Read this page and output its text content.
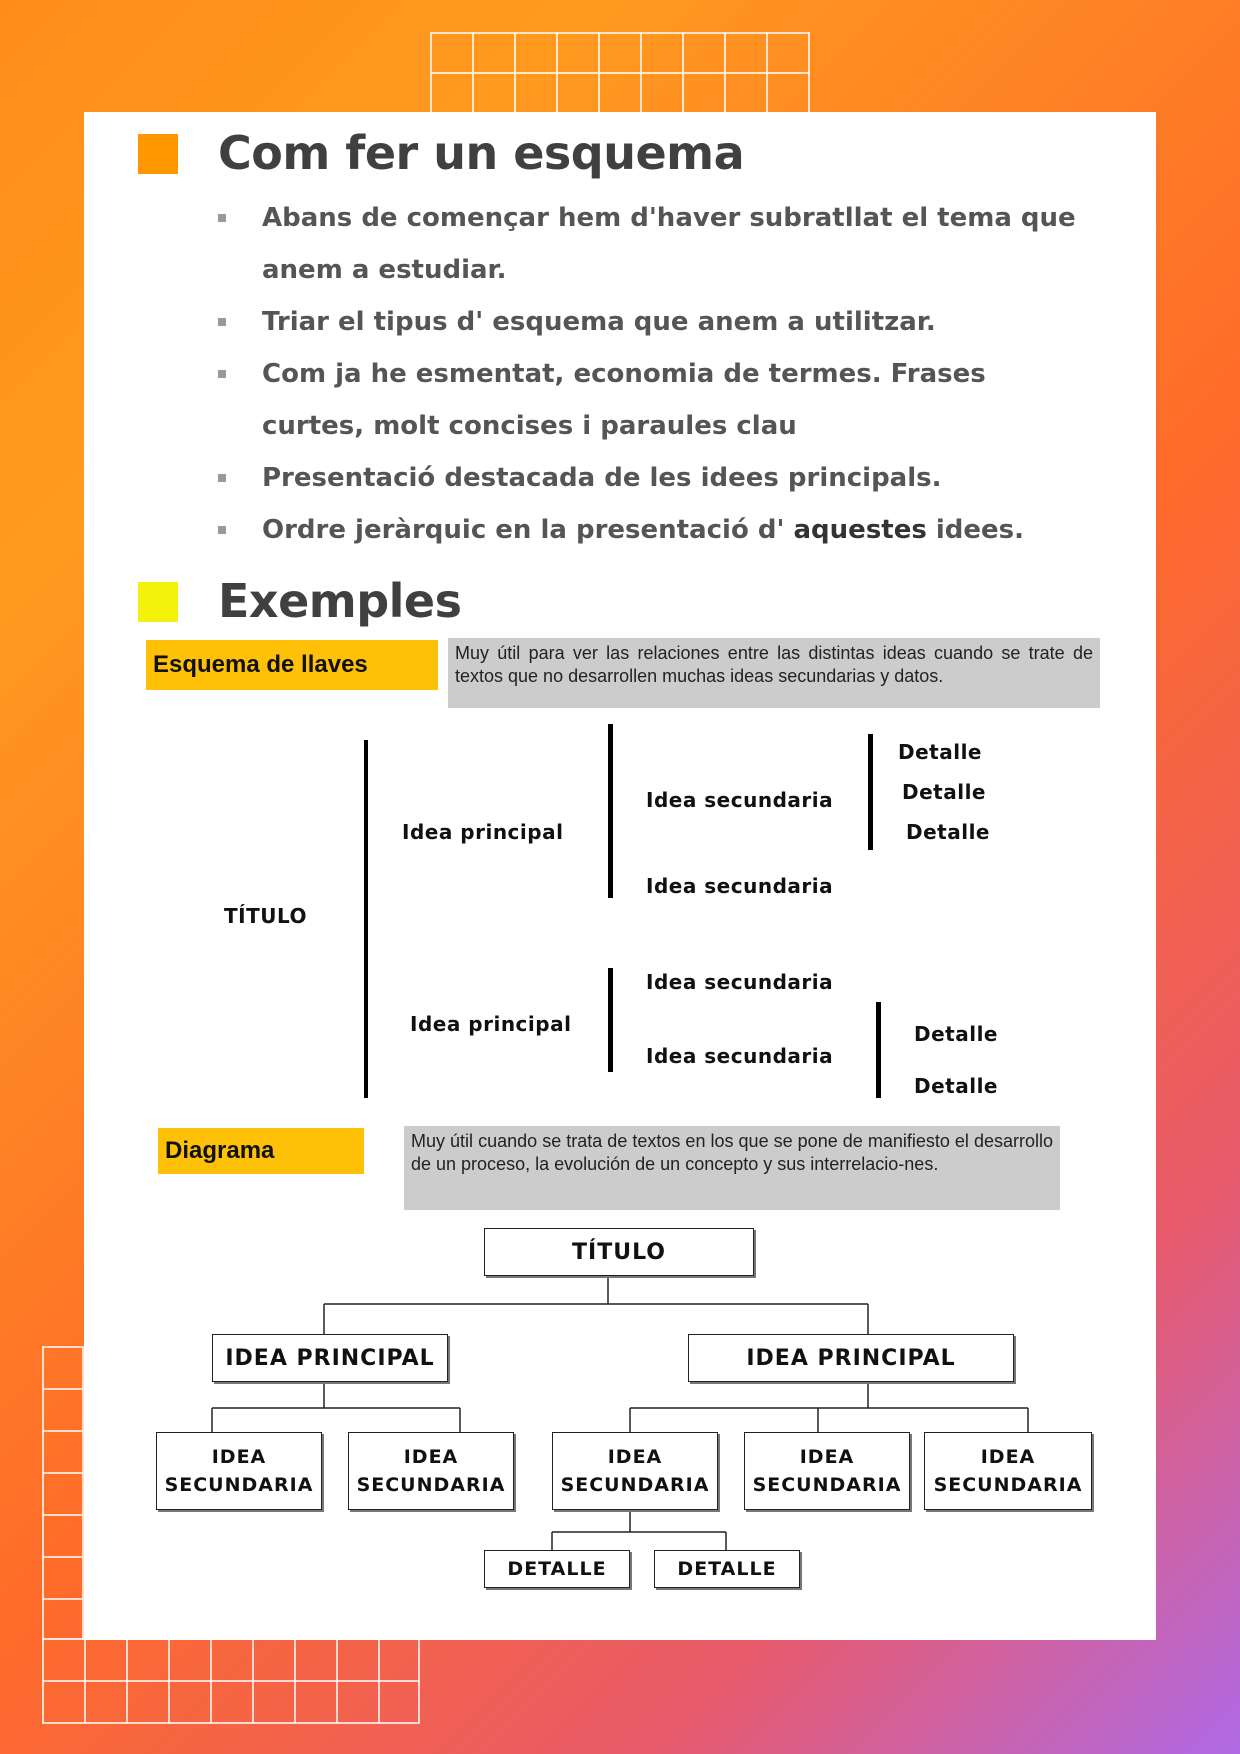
Com fer un esquema
Abans de començar hem d'haver subratllat el tema que anem a estudiar.
Triar el tipus d' esquema que anem a utilitzar.
Com ja he esmentat, economia de termes. Frases curtes, molt concises i paraules clau
Presentació destacada de les idees principals.
Ordre jeràrquic en la presentació d' aquestes idees.
Exemples
Esquema de llaves	Muy útil para ver las relaciones entre las distintas ideas cuando se trate de textos que no desarrollen muchas ideas secundarias y datos.
TÍTULO
Idea principal
Idea secundaria
Detalle
Detalle
Detalle
Idea secundaria
Idea principal
Idea secundaria
Idea secundaria
Detalle
Detalle
Diagrama	Muy útil cuando se trata de textos en los que se pone de manifiesto el desarrollo de un proceso, la evolución de un concepto y sus interrelacio-nes.
TÍTULO
IDEA PRINCIPAL	IDEA PRINCIPAL
IDEA SECUNDARIA
IDEA SECUNDARIA
IDEA SECUNDARIA
IDEA SECUNDARIA
IDEA SECUNDARIA
DETALLE	DETALLE
